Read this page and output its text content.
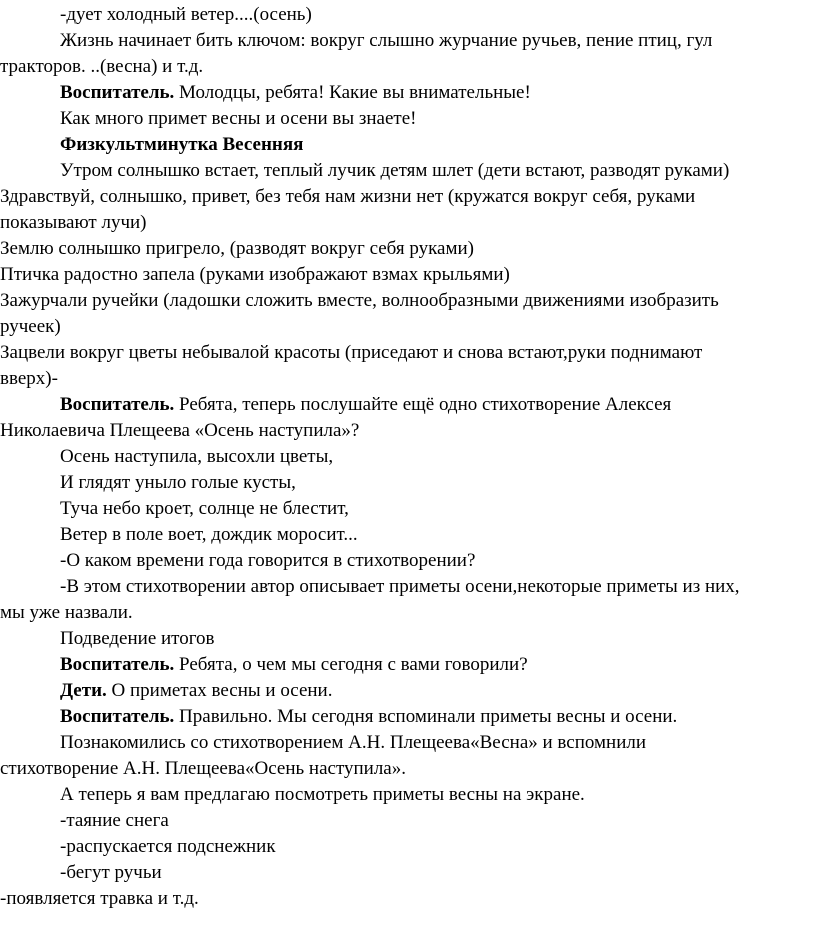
-дует холодный ветер....(осень)
Жизнь начинает бить ключом: вокруг слышно журчание ручьев, пение птиц, гул
тракторов. ..(весна) и т.д.
Воспитатель. Молодцы, ребята! Какие вы внимательные!
Как много примет весны и осени вы знаете!
Физкультминутка Весенняя
Утром солнышко встает, теплый лучик детям шлет (дети встают, разводят руками)
Здравствуй, солнышко, привет, без тебя нам жизни нет (кружатся вокруг себя, руками
показывают лучи)
Землю солнышко пригрело, (разводят вокруг себя руками)
Птичка радостно запела (руками изображают взмах крыльями)
Зажурчали ручейки (ладошки сложить вместе, волнообразными движениями изобразить
ручеек)
Зацвели вокруг цветы небывалой красоты (приседают и снова встают,руки поднимают
вверх)-
Воспитатель. Ребята, теперь послушайте ещё одно стихотворение Алексея
Николаевича Плещеева «Осень наступила»?
Осень наступила, высохли цветы,
И глядят уныло голые кусты,
Туча небо кроет, солнце не блестит,
Ветер в поле воет, дождик моросит...
-О каком времени года говорится в стихотворении?
-В этом стихотворении автор описывает приметы осени,некоторые приметы из них,
мы уже назвали.
Подведение итогов
Воспитатель. Ребята, о чем мы сегодня с вами говорили?
Дети. О приметах весны и осени.
Воспитатель. Правильно. Мы сегодня вспоминали приметы весны и осени.
Познакомились со стихотворением А.Н. Плещеева«Весна» и вспомнили
стихотворение А.Н. Плещеева«Осень наступила».
А теперь я вам предлагаю посмотреть приметы весны на экране.
-таяние снега
-распускается подснежник
-бегут ручьи
-появляется травка и т.д.
